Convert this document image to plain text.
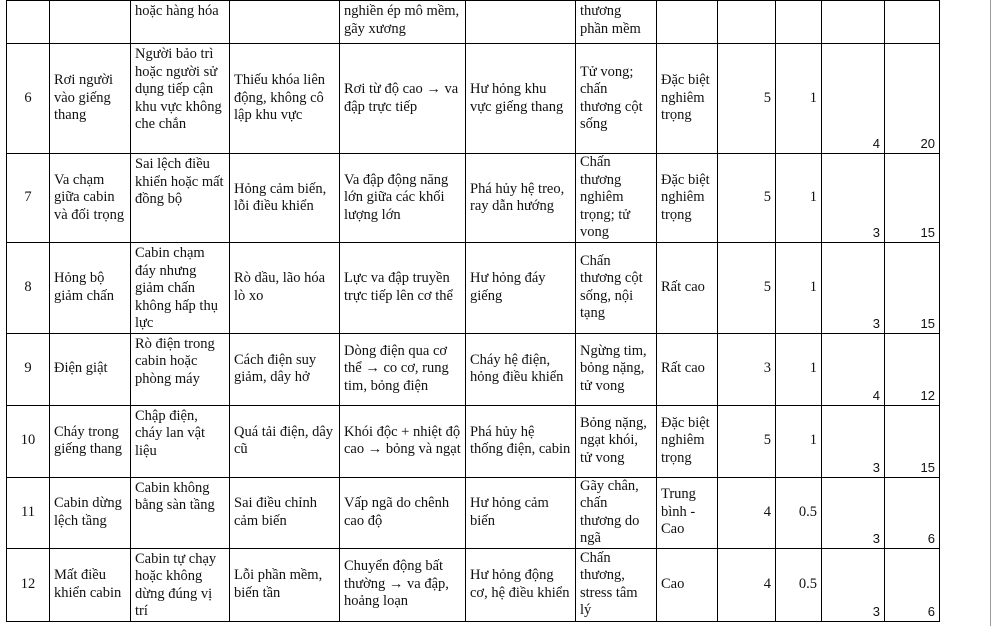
		hoặc hàng hóa		nghiền ép mô mềm, gãy xương		thương phần mềm					
6	Rơi người vào giếng thang	Người bảo trì hoặc người sử dụng tiếp cận khu vực không che chắn	Thiếu khóa liên động, không cô lập khu vực	Rơi từ độ cao → va đập trực tiếp	Hư hỏng khu vực giếng thang	Tử vong; chấn thương cột sống	Đặc biệt nghiêm trọng	5	1	4	20
7	Va chạm giữa cabin và đối trọng	Sai lệch điều khiển hoặc mất đồng bộ	Hỏng cảm biến, lỗi điều khiển	Va đập động năng lớn giữa các khối lượng lớn	Phá hủy hệ treo, ray dẫn hướng	Chấn thương nghiêm trọng; tử vong	Đặc biệt nghiêm trọng	5	1	3	15
8	Hỏng bộ giảm chấn	Cabin chạm đáy nhưng giảm chấn không hấp thụ lực	Rò dầu, lão hóa lò xo	Lực va đập truyền trực tiếp lên cơ thể	Hư hỏng đáy giếng	Chấn thương cột sống, nội tạng	Rất cao	5	1	3	15
9	Điện giật	Rò điện trong cabin hoặc phòng máy	Cách điện suy giảm, dây hở	Dòng điện qua cơ thể → co cơ, rung tim, bỏng điện	Cháy hệ điện, hỏng điều khiển	Ngừng tim, bỏng nặng, tử vong	Rất cao	3	1	4	12
10	Cháy trong giếng thang	Chập điện, cháy lan vật liệu	Quá tải điện, dây cũ	Khói độc + nhiệt độ cao → bỏng và ngạt	Phá hủy hệ thống điện, cabin	Bỏng nặng, ngạt khói, tử vong	Đặc biệt nghiêm trọng	5	1	3	15
11	Cabin dừng lệch tầng	Cabin không bằng sàn tầng	Sai điều chỉnh cảm biến	Vấp ngã do chênh cao độ	Hư hỏng cảm biến	Gãy chân, chấn thương do ngã	Trung bình - Cao	4	0.5	3	6
12	Mất điều khiển cabin	Cabin tự chạy hoặc không dừng đúng vị trí	Lỗi phần mềm, biến tần	Chuyển động bất thường → va đập, hoảng loạn	Hư hỏng động cơ, hệ điều khiển	Chấn thương, stress tâm lý	Cao	4	0.5	3	6
